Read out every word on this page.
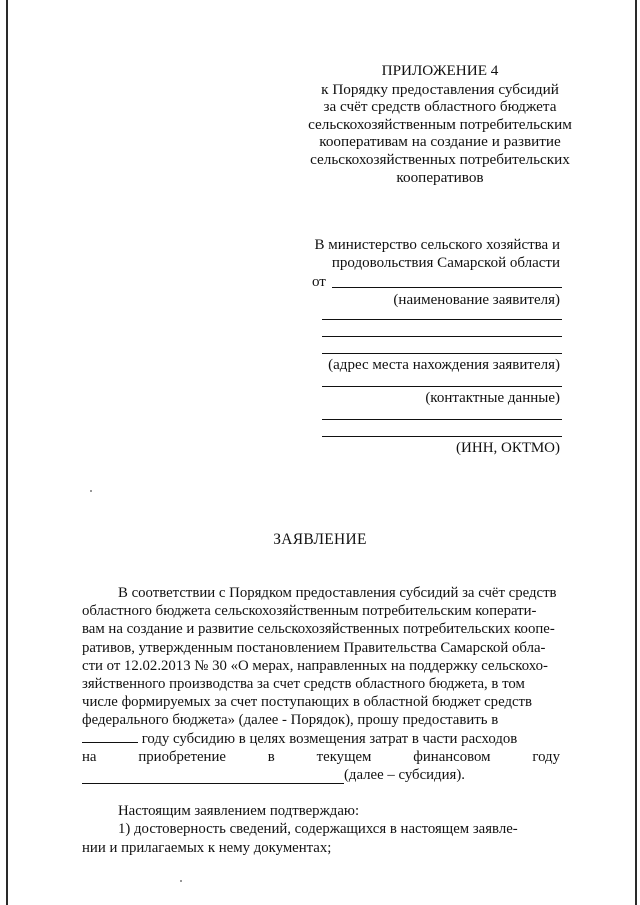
ПРИЛОЖЕНИЕ 4
к Порядку предоставления субсидий
за счёт средств областного бюджета
сельскохозяйственным потребительским
кооперативам на создание и развитие
сельскохозяйственных потребительских
кооперативов
В министерство сельского хозяйства и
продовольствия Самарской области
от
(наименование заявителя)
(адрес места нахождения заявителя)
(контактные данные)
(ИНН, ОКТМО)
ЗАЯВЛЕНИЕ
В соответствии с Порядком предоставления субсидий за счёт средств
областного бюджета сельскохозяйственным потребительским коперати-
вам на создание и развитие сельскохозяйственных потребительских коопе-
ративов, утвержденным постановлением Правительства Самарской обла-
сти от 12.02.2013 № 30 «О мерах, направленных на поддержку сельскохо-
зяйственного производства за счет средств областного бюджета, в том
числе формируемых за счет поступающих в областной бюджет средств
федерального бюджета» (далее - Порядок), прошу предоставить в
году субсидию в целях возмещения затрат в части расходов
на	приобретение	в	текущем	финансовом	году
(далее – субсидия).
Настоящим заявлением подтверждаю:
1) достоверность сведений, содержащихся в настоящем заявле-
нии и прилагаемых к нему документах;
